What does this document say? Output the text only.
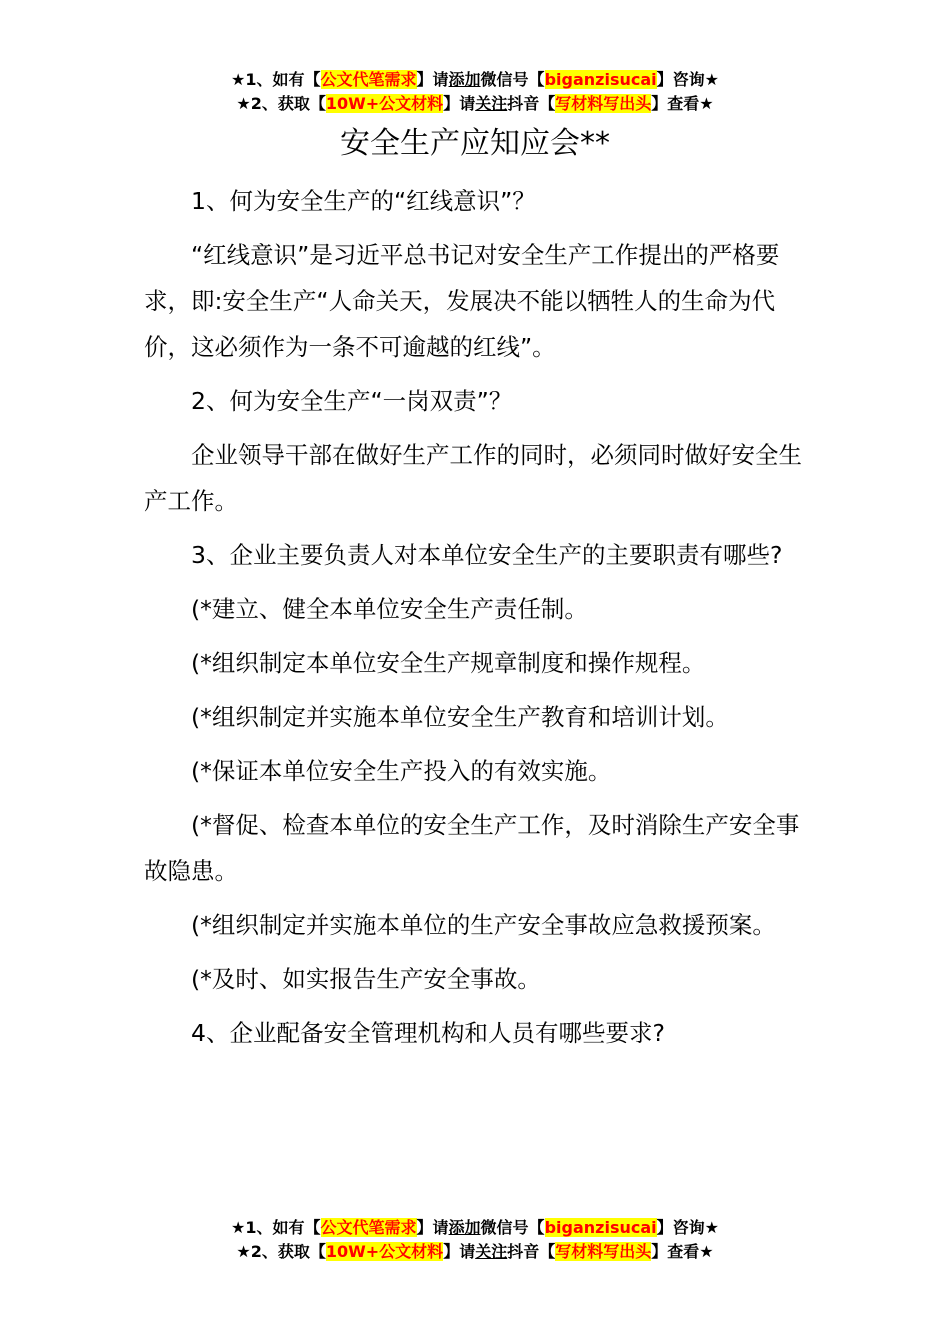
★1、如有【公文代笔需求】请添加微信号【biganzisucai】咨询★
★2、获取【10W+公文材料】请关注抖音【写材料写出头】查看★
安全生产应知应会**

1、何为安全生产的“红线意识”？

“红线意识”是习近平总书记对安全生产工作提出的严格要求，即:安全生产“人命关天，发展决不能以牺牲人的生命为代价，这必须作为一条不可逾越的红线”。

2、何为安全生产“一岗双责”？

企业领导干部在做好生产工作的同时，必须同时做好安全生产工作。

3、企业主要负责人对本单位安全生产的主要职责有哪些?

(*建立、健全本单位安全生产责任制。

(*组织制定本单位安全生产规章制度和操作规程。

(*组织制定并实施本单位安全生产教育和培训计划。

(*保证本单位安全生产投入的有效实施。

(*督促、检查本单位的安全生产工作，及时消除生产安全事故隐患。

(*组织制定并实施本单位的生产安全事故应急救援预案。

(*及时、如实报告生产安全事故。

4、企业配备安全管理机构和人员有哪些要求?

★1、如有【公文代笔需求】请添加微信号【biganzisucai】咨询★
★2、获取【10W+公文材料】请关注抖音【写材料写出头】查看★
